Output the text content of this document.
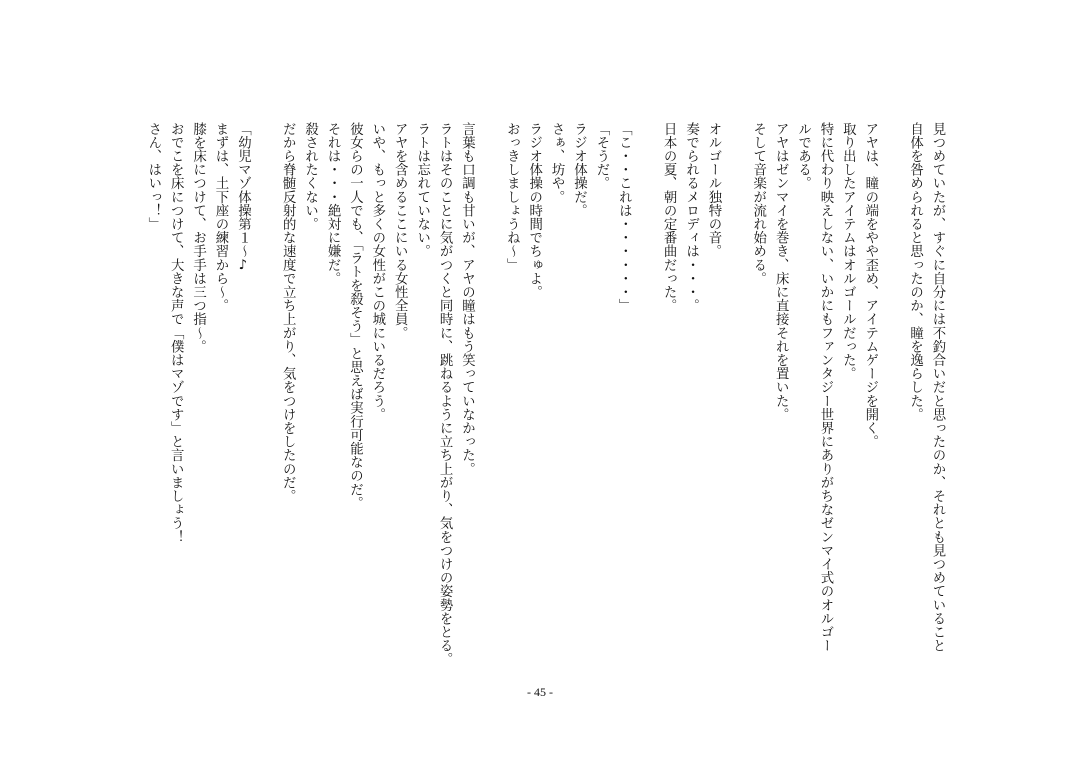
見つめていたが、すぐに自分には不釣合いだと思ったのか、それとも見つめていること
自体を咎められると思ったのか、瞳を逸らした。

アヤは、瞳の端をやや歪め、アイテムゲージを開く。
取り出したアイテムはオルゴールだった。
特に代わり映えしない、いかにもファンタジー世界にありがちなゼンマイ式のオルゴー
ルである。
アヤはゼンマイを巻き、床に直接それを置いた。
そして音楽が流れ始める。

オルゴール独特の音。
奏でられるメロディは・・・。
日本の夏、朝の定番曲だった。

「こ・・これは・・・・・・」
「そうだ。
ラジオ体操だ。
さぁ、坊や。
ラジオ体操の時間でちゅよ。
おっきしましょうね～」

言葉も口調も甘いが、アヤの瞳はもう笑っていなかった。
ラトはそのことに気がつくと同時に、跳ねるように立ち上がり、気をつけの姿勢をとる。
ラトは忘れていない。
アヤを含めるここにいる女性全員。
いや、もっと多くの女性がこの城にいるだろう。
彼女らの一人でも、「ラトを殺そう」と思えば実行可能なのだ。
それは・・・絶対に嫌だ。
殺されたくない。
だから脊髄反射的な速度で立ち上がり、気をつけをしたのだ。

「幼児マゾ体操第１～♪
まずは、土下座の練習から～。
膝を床につけて、お手手は三つ指～。
おでこを床につけて、大きな声で「僕はマゾです」と言いましょう！
さん、はいっ！」
- 45 -
